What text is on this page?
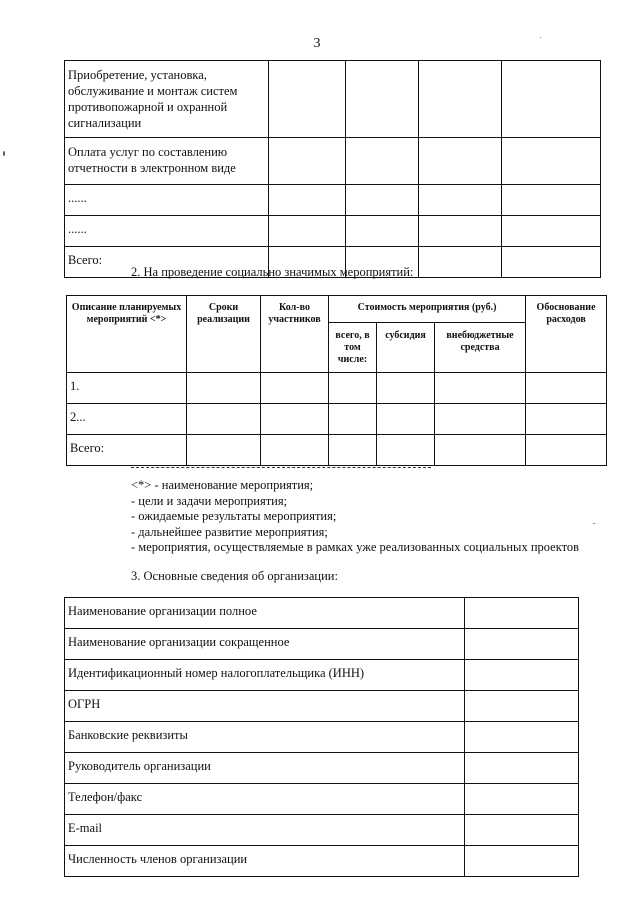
3
Приобретение, установка, обслуживание и монтаж систем противопожарной и охранной сигнализации				
Оплата услуг по составлению отчетности в электронном виде				
......				
......				
Всего:				
2. На проведение социально значимых мероприятий:
Описание планируемых мероприятий <*>	Сроки реализации	Кол-во участников	Стоимость мероприятия (руб.)			Обоснование расходов
			всего, в том числе:	субсидия	внебюджетные средства	
1.						
2...						
Всего:						
<*> - наименование мероприятия;
- цели и задачи мероприятия;
- ожидаемые результаты мероприятия;
- дальнейшее развитие мероприятия;
- мероприятия, осуществляемые в рамках уже реализованных социальных проектов
3. Основные сведения об организации:
Наименование организации полное	
Наименование организации сокращенное	
Идентификационный номер налогоплательщика (ИНН)	
ОГРН	
Банковские реквизиты	
Руководитель организации	
Телефон/факс	
E-mail	
Численность членов организации	
